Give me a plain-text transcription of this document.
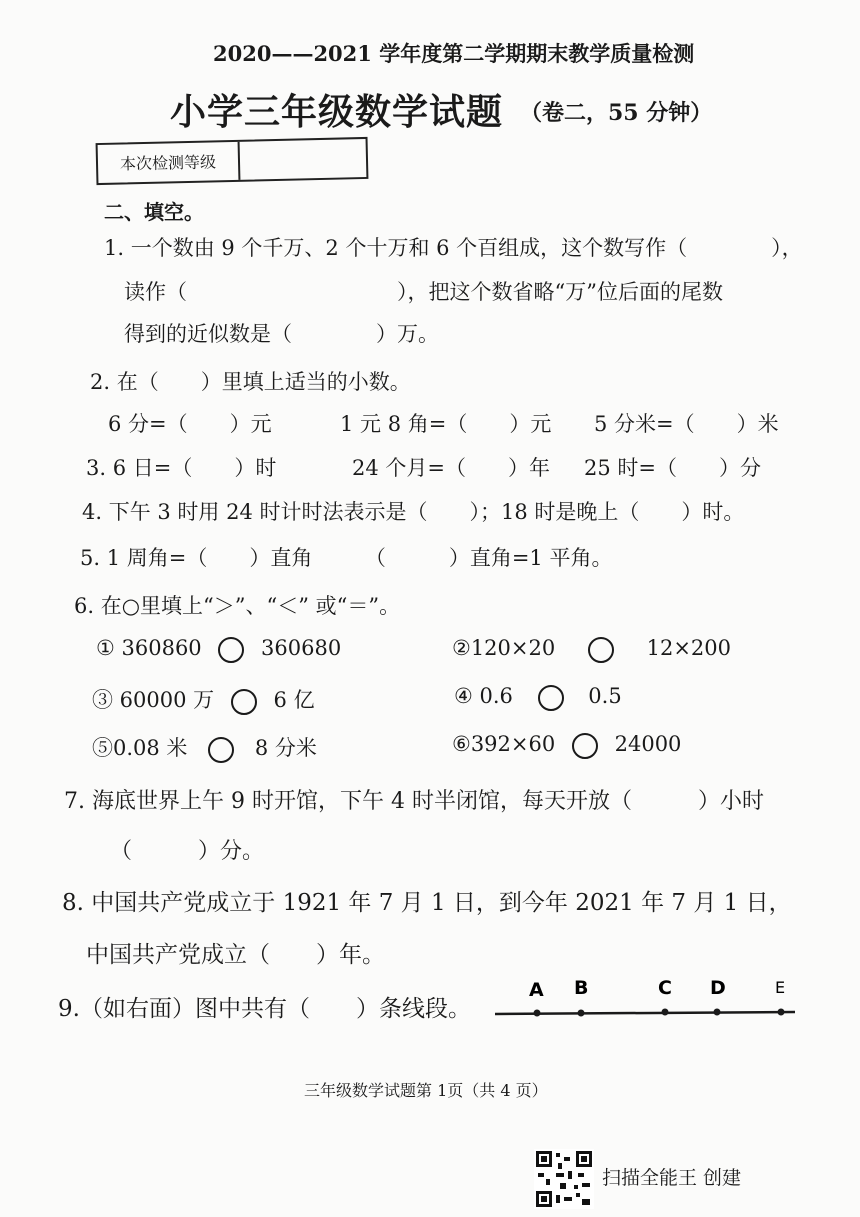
2020——2021 学年度第二学期期末教学质量检测
小学三年级数学试题 （卷二，55 分钟）
本次检测等级
二、填空。
1. 一个数由 9 个千万、2 个十万和 6 个百组成，这个数写作（　　　　），
读作（　　　　　　　　　　），把这个数省略“万”位后面的尾数
得到的近似数是（　　　　）万。
2. 在（　　）里填上适当的小数。
6 分=（　　）元	1 元 8 角=（　　）元 5 分米=（　　）米
3. 6 日=（　　）时	24 个月=（　　）年 25 时=（　　）分
4. 下午 3 时用 24 时计时法表示是（　　）；18 时是晚上（　　）时。
5. 1 周角=（　　）直角　　　（　　　）直角=1 平角。
6. 在○里填上“＞”、“＜” 或“＝”。
① 360860	360680	②120×20	12×200
③ 60000 万	6 亿	④ 0.6	0.5
⑤0.08 米	8 分米	⑥392×60	24000
7. 海底世界上午 9 时开馆，下午 4 时半闭馆，每天开放（　　　）小时
（　　　）分。
8. 中国共产党成立于 1921 年 7 月 1 日，到今年 2021 年 7 月 1 日，
中国共产党成立（　　）年。
9.（如右面）图中共有（　　）条线段。
A B	C D	E
三年级数学试题第 1页（共 4 页）
扫描全能王 创建
